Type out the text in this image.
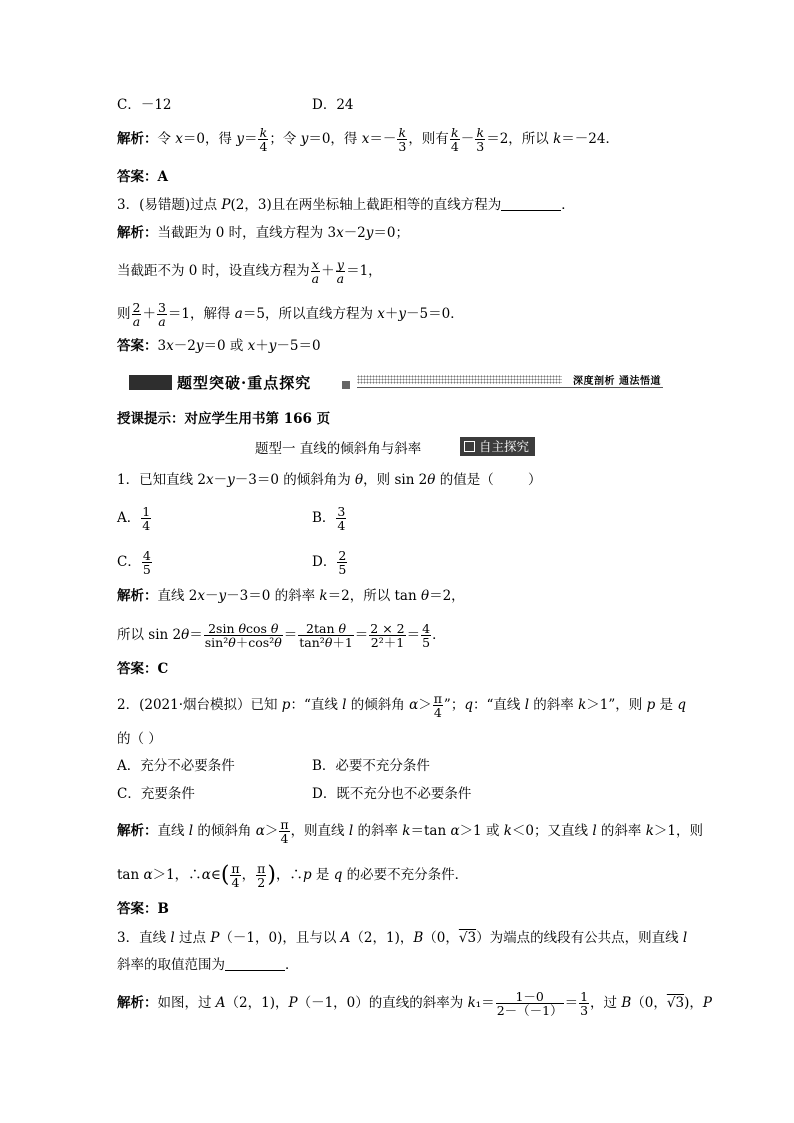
C．－12	D．24
解析：令 x＝0，得 $y= \frac{k}{4}$ ；令 y＝0，得 $x=- \frac{k}{3}$ ，则有 $\frac{k}{4} - \frac{k}{3} =2$，所以 k＝－24．
答案：A
3．(易错题)过点 P(2，3)且在两坐标轴上截距相等的直线方程为	．
解析：当截距为 0 时，直线方程为 3x－2y＝0；
当截距不为 0 时，设直线方程为 $\frac{x}{a} + \frac{y}{a} =1$，
则 $\frac{2}{a} + \frac{3}{a} =1$，解得 a＝5，所以直线方程为 x＋y－5＝0．
答案：3x－2y＝0 或 x＋y－5＝0
题型突破·重点探究	深度剖析 通法悟道
授课提示：对应学生用书第 166 页
题型一 直线的倾斜角与斜率	自主探究
1．已知直线 2x－y－3＝0 的倾斜角为 θ，则 sin 2θ 的值是（        ）
A． $\frac{1}{4}$	B． $\frac{3}{4}$
C． $\frac{4}{5}$	D． $\frac{2}{5}$
解析：直线 2x－y－3＝0 的斜率 k＝2，所以 tan θ＝2，
所以 $\sin 2\theta= \frac{\text{2sin θcos θ}}{\text{sin²θ＋cos²θ}} = \frac{\text{2tan θ}}{\text{tan²θ＋1}} = \frac{2 \times 2}{\text{2²＋1}} = \frac{4}{5}$ ．
答案：C
2．(2021·烟台模拟）已知 p：“直线 l 的倾斜角 $\alpha> \frac{\pi}{4}$ ”；q：“直线 l 的斜率 k＞1”，则 p 是 q
的（ ）
A．充分不必要条件	B．必要不充分条件
C．充要条件	D．既不充分也不必要条件
解析：直线 l 的倾斜角 $\alpha> \frac{\pi}{4}$ ，则直线 l 的斜率 k＝tan α＞1 或 k＜0；又直线 l 的斜率 k＞1，则
tan α＞1，∴α∈( $\frac{\pi}{4}$ ， $\frac{\pi}{2}$ )，∴p 是 q 的必要不充分条件．
答案：B
3．直线 l 过点 P（－1，0)，且与以 A（2，1)，B（0，√3）为端点的线段有公共点，则直线 l
斜率的取值范围为	．
解析：如图，过 A（2，1)，P（－1，0）的直线的斜率为 $k_1= \frac{1-0}{2-(-1)} = \frac{1}{3}$ ，过 B（0，√3)，P
